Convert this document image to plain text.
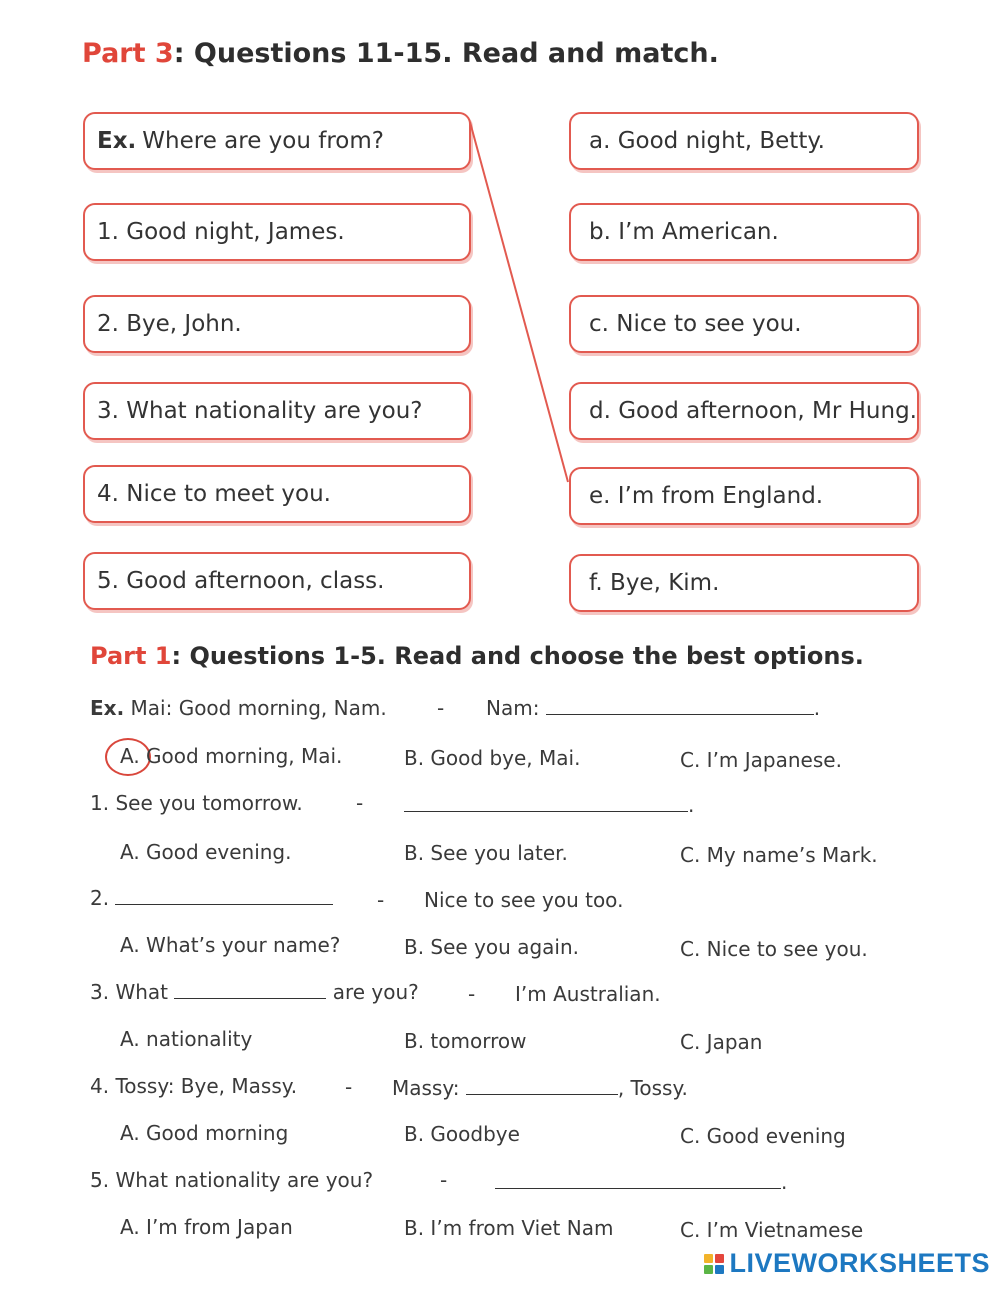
Part 3: Questions 11-15. Read and match.
Ex. Where are you from?
1. Good night, James.
2. Bye, John.
3. What nationality are you?
4. Nice to meet you.
5. Good afternoon, class.
a. Good night, Betty.
b. I’m American.
c. Nice to see you.
d. Good afternoon, Mr Hung.
e. I’m from England.
f. Bye, Kim.
Part 1: Questions 1-5. Read and choose the best options.
Ex. Mai: Good morning, Nam.	- Nam:	.
A. Good morning, Mai.	B. Good bye, Mai.	C. I’m Japanese.
1. See you tomorrow.	-	.
A. Good evening.	B. See you later.	C. My name’s Mark.
2.	- Nice to see you too.
A. What’s your name?	B. See you again.	C. Nice to see you.
3. What	are you? - I’m Australian.
A. nationality	B. tomorrow	C. Japan
4. Tossy: Bye, Massy. - Massy:	, Tossy.
A. Good morning	B. Goodbye	C. Good evening
5. What nationality are you?	-	.
A. I’m from Japan	B. I’m from Viet Nam	C. I’m Vietnamese
LIVEWORKSHEETS
